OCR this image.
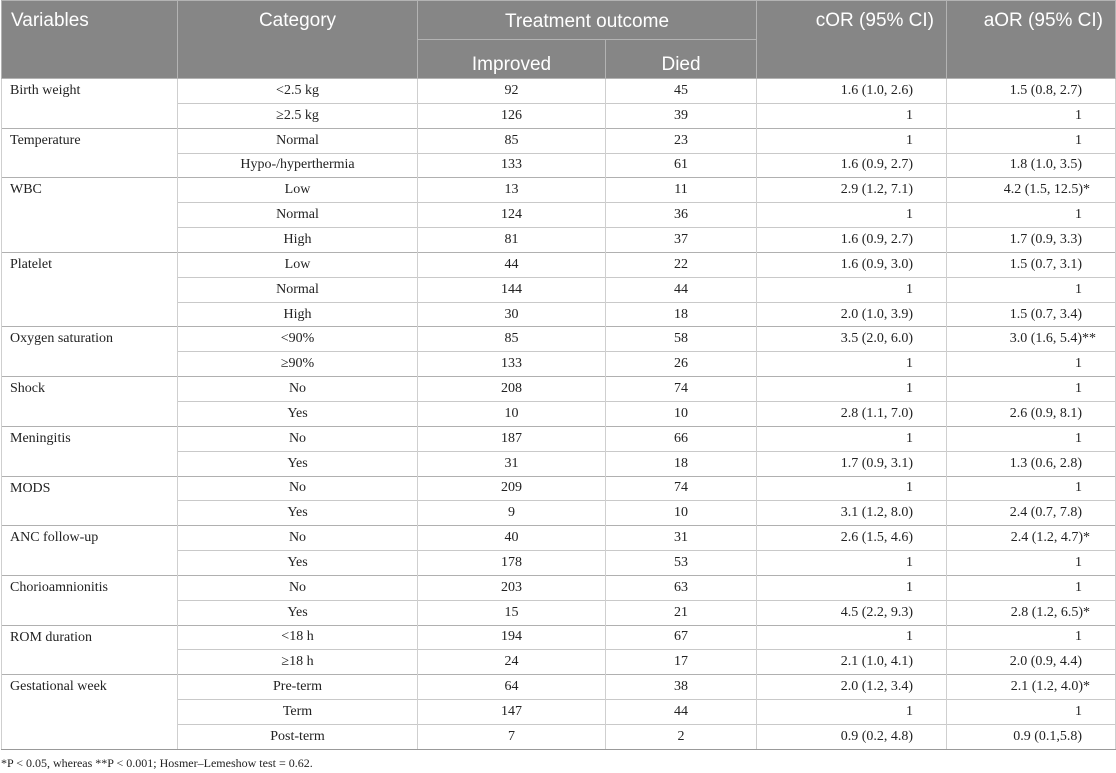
Variables	Category	Treatment outcome		cOR (95% CI)	aOR (95% CI)
		Improved	Died		
Birth weight	<2.5 kg	92	45	1.6 (1.0, 2.6)	1.5 (0.8, 2.7)
	≥2.5 kg	126	39	1	1
Temperature	Normal	85	23	1	1
	Hypo-/hyperthermia	133	61	1.6 (0.9, 2.7)	1.8 (1.0, 3.5)
WBC	Low	13	11	2.9 (1.2, 7.1)	4.2 (1.5, 12.5)*
	Normal	124	36	1	1
	High	81	37	1.6 (0.9, 2.7)	1.7 (0.9, 3.3)
Platelet	Low	44	22	1.6 (0.9, 3.0)	1.5 (0.7, 3.1)
	Normal	144	44	1	1
	High	30	18	2.0 (1.0, 3.9)	1.5 (0.7, 3.4)
Oxygen saturation	<90%	85	58	3.5 (2.0, 6.0)	3.0 (1.6, 5.4)**
	≥90%	133	26	1	1
Shock	No	208	74	1	1
	Yes	10	10	2.8 (1.1, 7.0)	2.6 (0.9, 8.1)
Meningitis	No	187	66	1	1
	Yes	31	18	1.7 (0.9, 3.1)	1.3 (0.6, 2.8)
MODS	No	209	74	1	1
	Yes	9	10	3.1 (1.2, 8.0)	2.4 (0.7, 7.8)
ANC follow-up	No	40	31	2.6 (1.5, 4.6)	2.4 (1.2, 4.7)*
	Yes	178	53	1	1
Chorioamnionitis	No	203	63	1	1
	Yes	15	21	4.5 (2.2, 9.3)	2.8 (1.2, 6.5)*
ROM duration	<18 h	194	67	1	1
	≥18 h	24	17	2.1 (1.0, 4.1)	2.0 (0.9, 4.4)
Gestational week	Pre-term	64	38	2.0 (1.2, 3.4)	2.1 (1.2, 4.0)*
	Term	147	44	1	1
	Post-term	7	2	0.9 (0.2, 4.8)	0.9 (0.1,5.8)
*P < 0.05, whereas **P < 0.001; Hosmer–Lemeshow test = 0.62.
